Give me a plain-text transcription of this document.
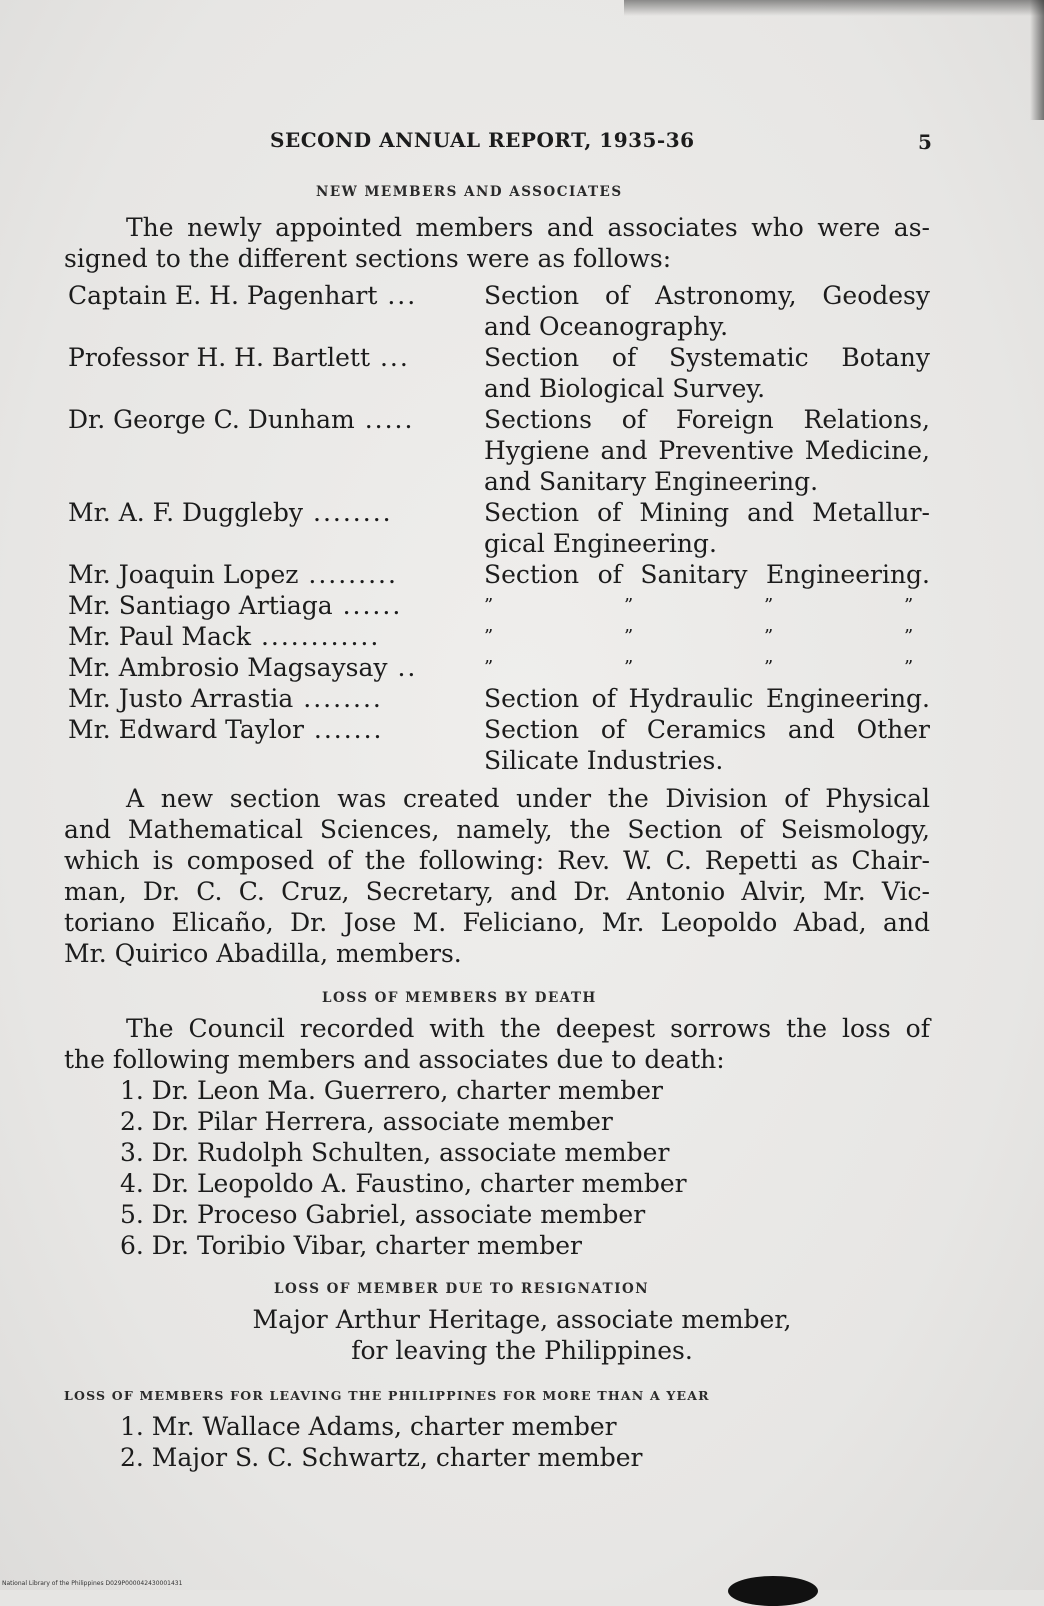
SECOND ANNUAL REPORT, 1935-36	5
NEW MEMBERS AND ASSOCIATES
The newly appointed members and associates who were as-
signed to the different sections were as follows:
Captain E. H. Pagenhart ...	Section of Astronomy, Geodesy
and Oceanography.
Professor H. H. Bartlett ...	Section of Systematic Botany
and Biological Survey.
Dr. George C. Dunham .....	Sections of Foreign Relations,
Hygiene and Preventive Medicine,
and Sanitary Engineering.
Mr. A. F. Duggleby ........	Section of Mining and Metallur-
gical Engineering.
Mr. Joaquin Lopez .........	Section of Sanitary Engineering.
Mr. Santiago Artiaga ......	”	”	”	”
Mr. Paul Mack ............	”	”	”	”
Mr. Ambrosio Magsaysay ..	”	”	”	”
Mr. Justo Arrastia ........	Section of Hydraulic Engineering.
Mr. Edward Taylor .......	Section of Ceramics and Other
Silicate Industries.
A new section was created under the Division of Physical
and Mathematical Sciences, namely, the Section of Seismology,
which is composed of the following: Rev. W. C. Repetti as Chair-
man, Dr. C. C. Cruz, Secretary, and Dr. Antonio Alvir, Mr. Vic-
toriano Elicaño, Dr. Jose M. Feliciano, Mr. Leopoldo Abad, and
Mr. Quirico Abadilla, members.
LOSS OF MEMBERS BY DEATH
The Council recorded with the deepest sorrows the loss of
the following members and associates due to death:
1. Dr. Leon Ma. Guerrero, charter member
2. Dr. Pilar Herrera, associate member
3. Dr. Rudolph Schulten, associate member
4. Dr. Leopoldo A. Faustino, charter member
5. Dr. Proceso Gabriel, associate member
6. Dr. Toribio Vibar, charter member
LOSS OF MEMBER DUE TO RESIGNATION
Major Arthur Heritage, associate member,
for leaving the Philippines.
LOSS OF MEMBERS FOR LEAVING THE PHILIPPINES FOR MORE THAN A YEAR
1. Mr. Wallace Adams, charter member
2. Major S. C. Schwartz, charter member
National Library of the Philippines D029P000042430001431
